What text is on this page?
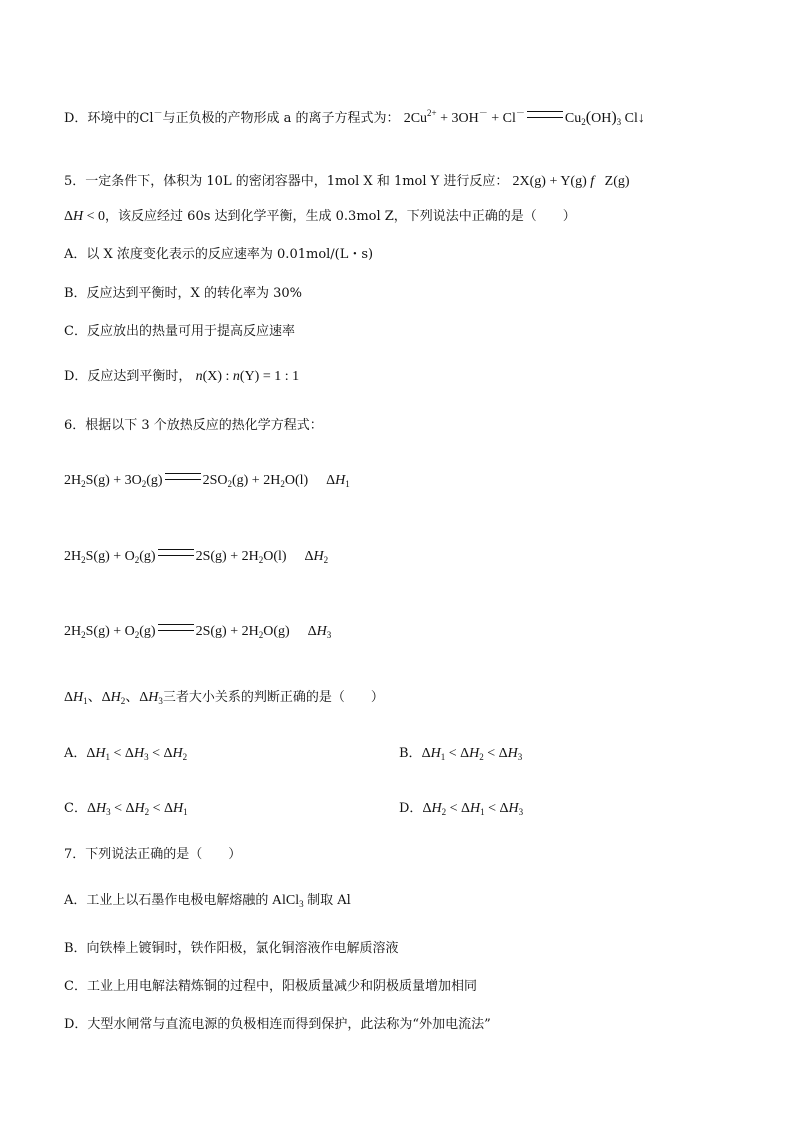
D．环境中的Cl－与正负极的产物形成 a 的离子方程式为： $2Cu^{2+} + 3OH^- + Cl^-$	$Cu_2(OH)_3$ Cl↓
5．一定条件下，体积为 10L 的密闭容器中，1mol X 和 1mol Y 进行反应： 2X(g) + Y(g) f   Z(g)
ΔH < 0，该反应经过 60s 达到化学平衡，生成 0.3mol Z，下列说法中正确的是（　　）
A．以 X 浓度变化表示的反应速率为 0.01mol/(L・s)
B．反应达到平衡时，X 的转化率为 30%
C．反应放出的热量可用于提高反应速率
D．反应达到平衡时， n(X) : n(Y) = 1 : 1
6．根据以下 3 个放热反应的热化学方程式：
$2H_2S(g) + 3O_2(g)$	$2SO_2(g) + 2H_2O(l)$ $\Delta H_1$
$2H_2S(g) + O_2(g)$	$2S(g) + 2H_2O(l)$ $\Delta H_2$
$2H_2S(g) + O_2(g)$	$2S(g) + 2H_2O(g)$ $\Delta H_3$
$\Delta H_1$、$\Delta H_2$、$\Delta H_3$三者大小关系的判断正确的是（　　）
A．$\Delta H_1 < \Delta H_3 < \Delta H_2$	B．$\Delta H_1 < \Delta H_2 < \Delta H_3$
C．$\Delta H_3 < \Delta H_2 < \Delta H_1$	D．$\Delta H_2 < \Delta H_1 < \Delta H_3$
7．下列说法正确的是（　　）
A．工业上以石墨作电极电解熔融的 AlCl$_3$ 制取 Al
B．向铁棒上镀铜时，铁作阳极，氯化铜溶液作电解质溶液
C．工业上用电解法精炼铜的过程中，阳极质量减少和阴极质量增加相同
D．大型水闸常与直流电源的负极相连而得到保护，此法称为“外加电流法”
